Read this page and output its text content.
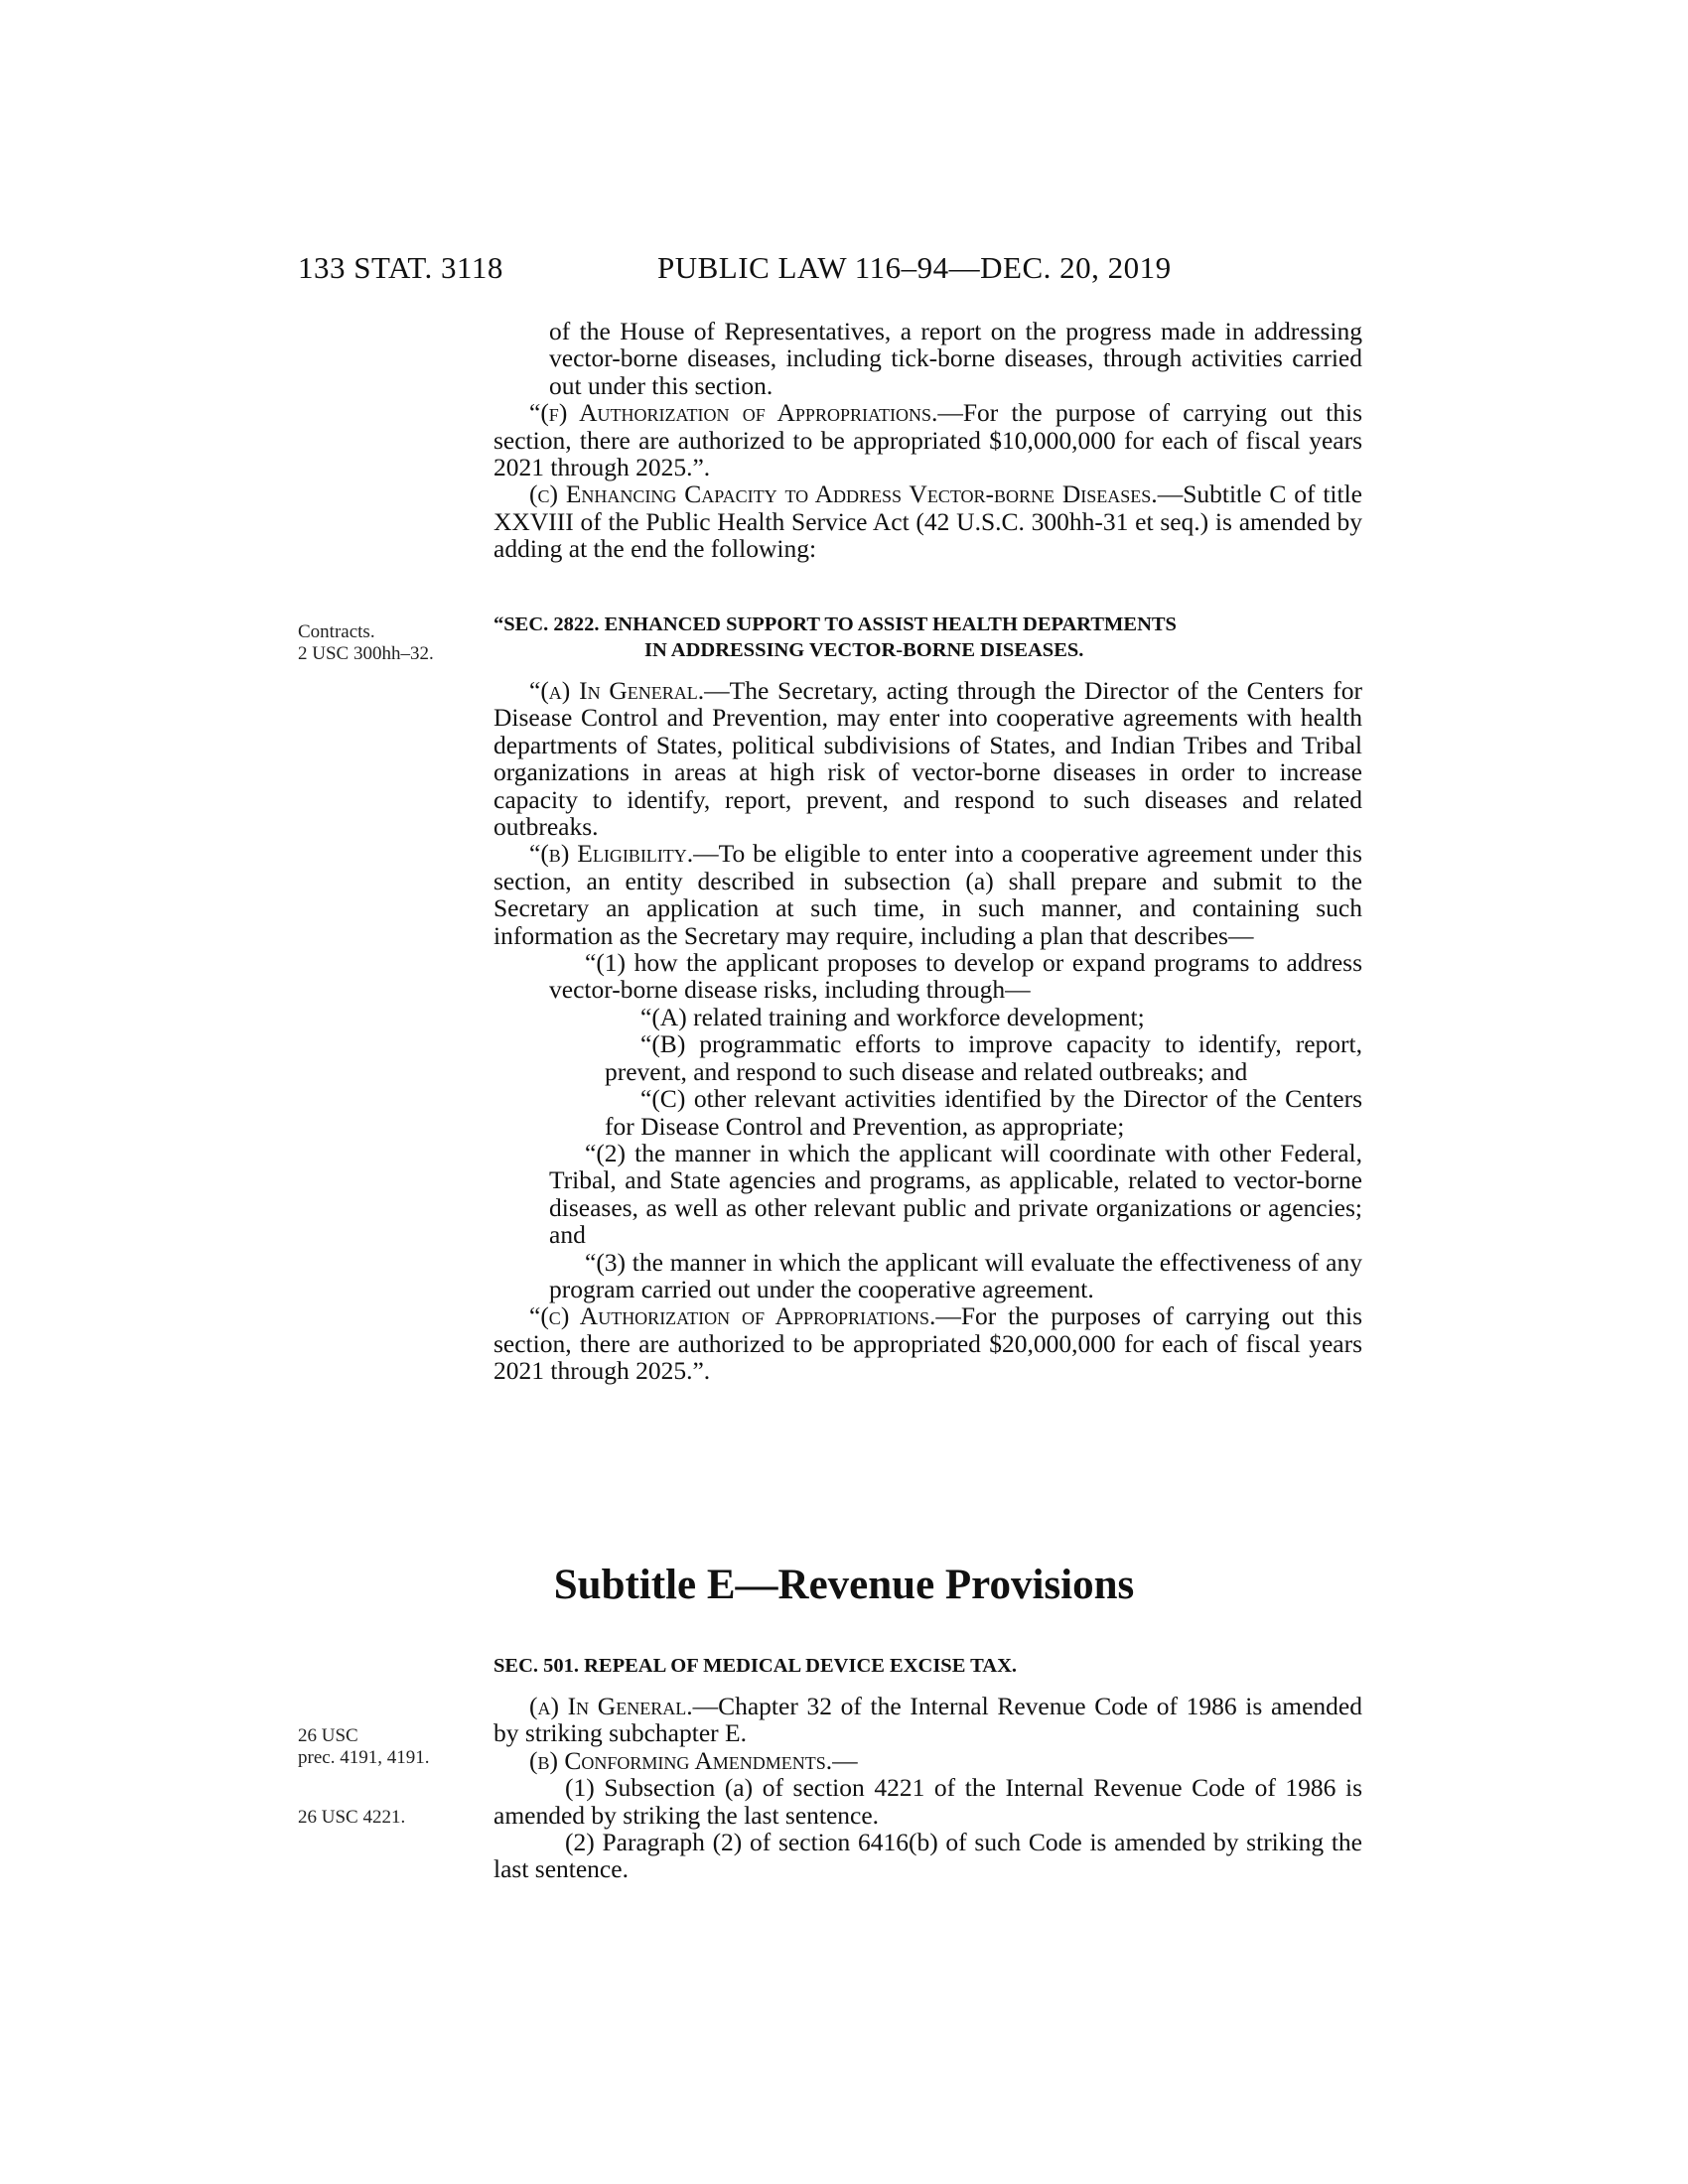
133 STAT. 3118	PUBLIC LAW 116–94—DEC. 20, 2019
Contracts.
2 USC 300hh–32.
26 USC
prec. 4191, 4191.
26 USC 4221.

of the House of Representatives, a report on the progress made in addressing vector-borne diseases, including tick-borne diseases, through activities carried out under this section.

“(f) Authorization of Appropriations.—For the purpose of carrying out this section, there are authorized to be appropriated $10,000,000 for each of fiscal years 2021 through 2025.”.

(c) Enhancing Capacity to Address Vector-borne Diseases.—Subtitle C of title XXVIII of the Public Health Service Act (42 U.S.C. 300hh-31 et seq.) is amended by adding at the end the following:

“SEC. 2822. ENHANCED SUPPORT TO ASSIST HEALTH DEPARTMENTS
IN ADDRESSING VECTOR-BORNE DISEASES.

“(a) In General.—The Secretary, acting through the Director of the Centers for Disease Control and Prevention, may enter into cooperative agreements with health departments of States, political subdivisions of States, and Indian Tribes and Tribal organizations in areas at high risk of vector-borne diseases in order to increase capacity to identify, report, prevent, and respond to such diseases and related outbreaks.

“(b) Eligibility.—To be eligible to enter into a cooperative agreement under this section, an entity described in subsection (a) shall prepare and submit to the Secretary an application at such time, in such manner, and containing such information as the Secretary may require, including a plan that describes—

“(1) how the applicant proposes to develop or expand programs to address vector-borne disease risks, including through—

“(A) related training and workforce development;

“(B) programmatic efforts to improve capacity to identify, report, prevent, and respond to such disease and related outbreaks; and

“(C) other relevant activities identified by the Director of the Centers for Disease Control and Prevention, as appropriate;

“(2) the manner in which the applicant will coordinate with other Federal, Tribal, and State agencies and programs, as applicable, related to vector-borne diseases, as well as other relevant public and private organizations or agencies; and

“(3) the manner in which the applicant will evaluate the effectiveness of any program carried out under the cooperative agreement.

“(c) Authorization of Appropriations.—For the purposes of carrying out this section, there are authorized to be appropriated $20,000,000 for each of fiscal years 2021 through 2025.”.

Subtitle E—Revenue Provisions

SEC. 501. REPEAL OF MEDICAL DEVICE EXCISE TAX.

(a) In General.—Chapter 32 of the Internal Revenue Code of 1986 is amended by striking subchapter E.

(b) Conforming Amendments.—

(1) Subsection (a) of section 4221 of the Internal Revenue Code of 1986 is amended by striking the last sentence.

(2) Paragraph (2) of section 6416(b) of such Code is amended by striking the last sentence.
